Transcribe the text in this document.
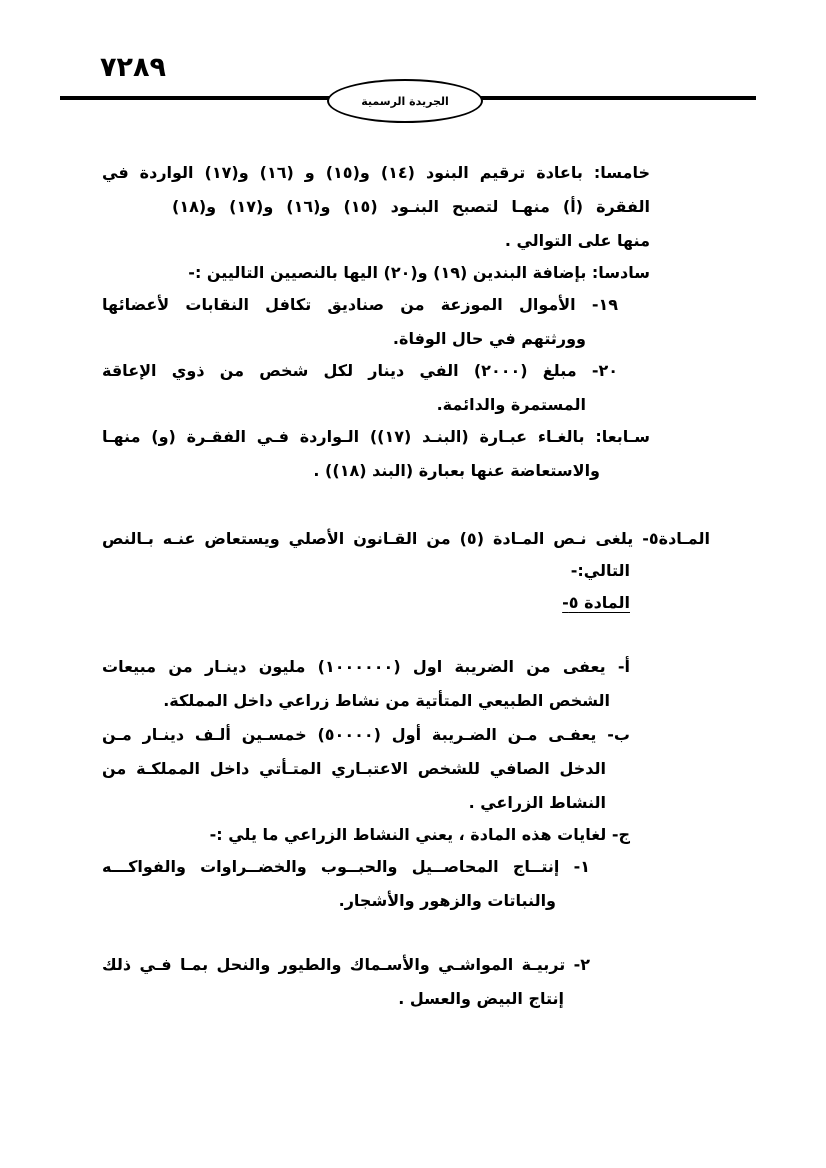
٧٢٨٩
الجريدة الرسمية
خامسا: باعادة ترقيم البنود (١٤) و(١٥) و (١٦) و(١٧) الواردة في
الفقرة (أ) منهـا لتصبح البنـود (١٥) و(١٦) و(١٧) و(١٨)
منها على التوالي .
سادسا: بإضافة البندين (١٩) و(٢٠) اليها بالنصيين التاليين :-
١٩- الأموال الموزعة من صناديق تكافل النقابات لأعضائها
وورثتهم في حال الوفاة.
٢٠- مبلغ (٢٠٠٠) الفي دينار لكل شخص من ذوي الإعاقة
المستمرة والدائمة.
سـابعا: بالغـاء عبـارة (البنـد (١٧)) الـواردة فـي الفقـرة (و) منهـا
والاستعاضة عنها بعبارة (البند (١٨)) .
المـادة٥- يلغى نـص المـادة (٥) من القـانون الأصلي ويستعاض عنـه بـالنص
التالي:-
المادة ٥-
أ- يعفى من الضريبة اول (١٠٠٠٠٠٠) مليون دينـار من مبيعات
الشخص الطبيعي المتأتية من نشاط زراعي داخل المملكة.
ب- يعفـى مـن الضـريبة أول (٥٠٠٠٠) خمسـين ألـف دينـار مـن
الدخل الصافي للشخص الاعتبـاري المتـأتي داخل المملكـة من
النشاط الزراعي .
ج- لغايات هذه المادة ، يعني النشاط الزراعي ما يلي :-
١- إنتــاج المحاصــيل والحبــوب والخضــراوات والفواكـــه
والنباتات والزهور والأشجار.
٢- تربيـة المواشـي والأسـماك والطيور والنحل بمـا فـي ذلك
إنتاج البيض والعسل .
